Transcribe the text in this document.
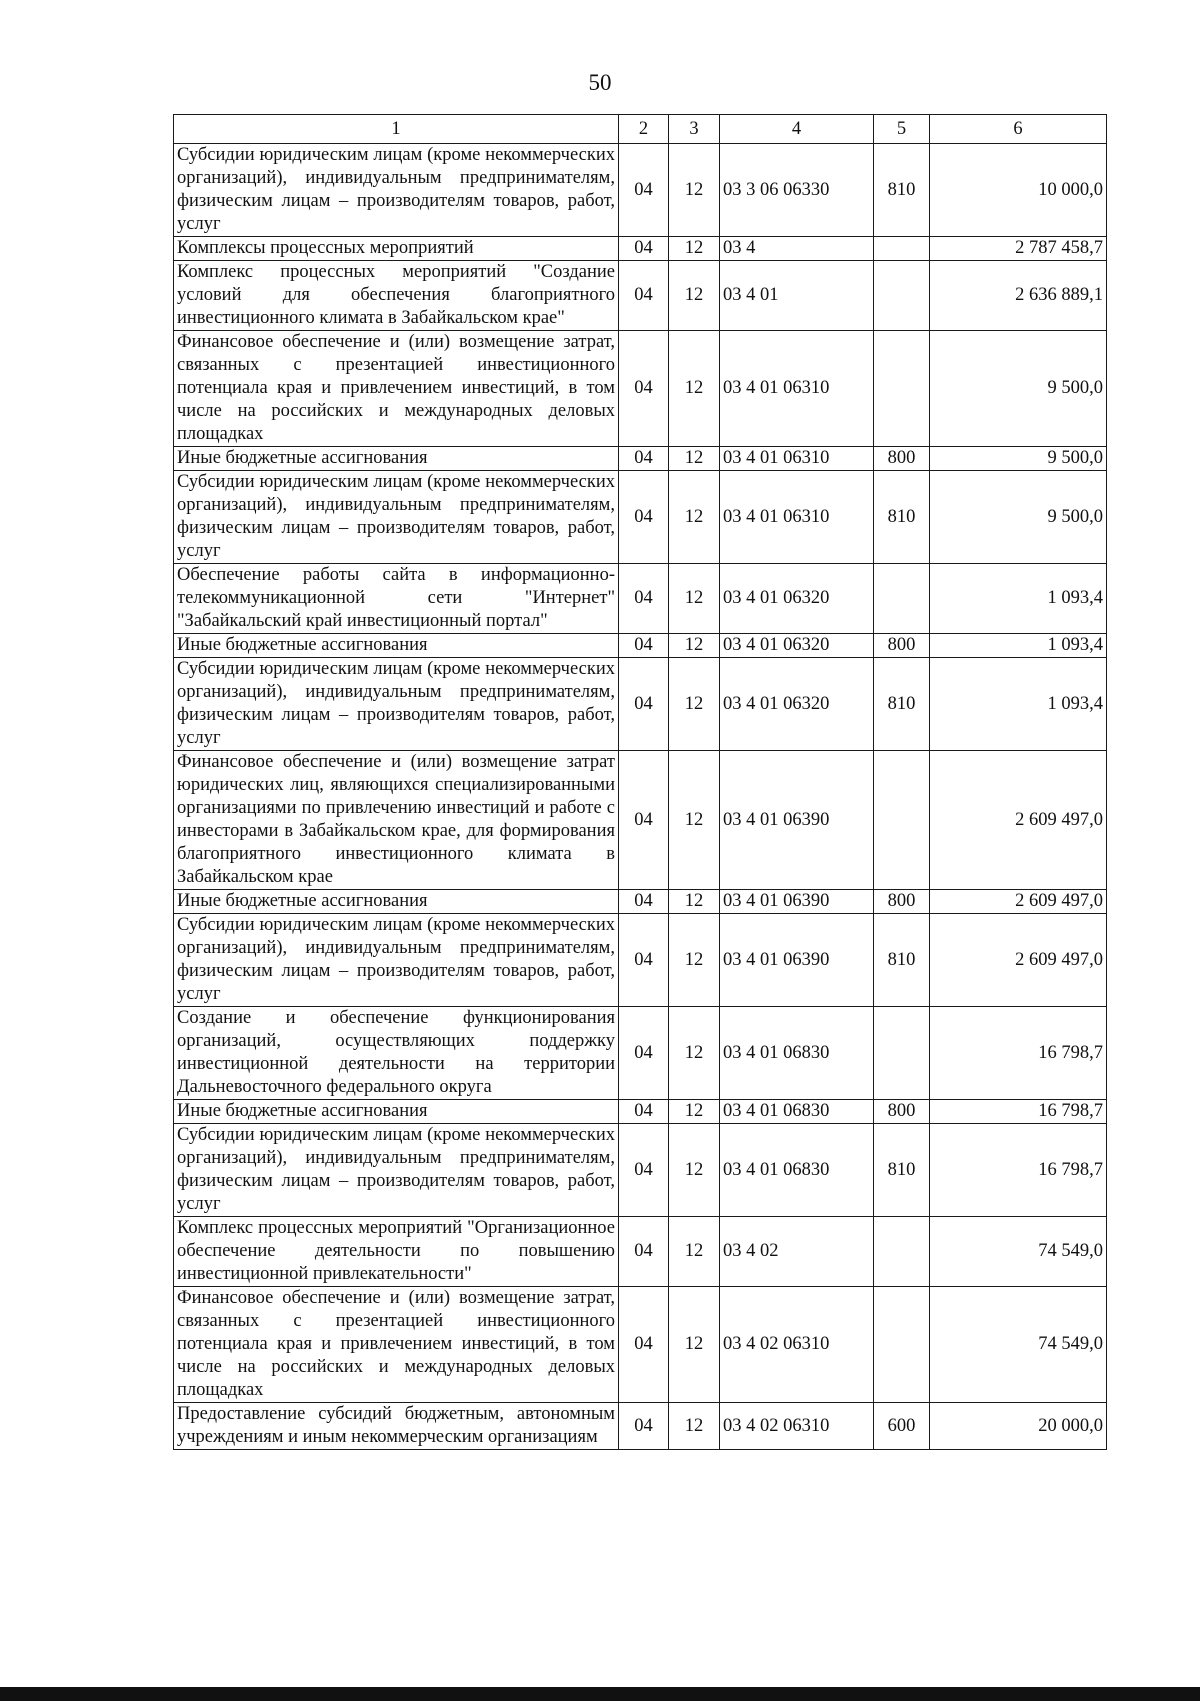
50
1	2	3	4	5	6
Субсидии юридическим лицам (кроме некоммерческих организаций), индивидуальным предпринимателям, физическим лицам – производителям товаров, работ, услуг	04	12	03 3 06 06330	810	10 000,0
Комплексы процессных мероприятий	04	12	03 4		2 787 458,7
Комплекс процессных мероприятий "Создание условий для обеспечения благоприятного инвестиционного климата в Забайкальском крае"	04	12	03 4 01		2 636 889,1
Финансовое обеспечение и (или) возмещение затрат, связанных с презентацией инвестиционного потенциала края и привлечением инвестиций, в том числе на российских и международных деловых площадках	04	12	03 4 01 06310		9 500,0
Иные бюджетные ассигнования	04	12	03 4 01 06310	800	9 500,0
Субсидии юридическим лицам (кроме некоммерческих организаций), индивидуальным предпринимателям, физическим лицам – производителям товаров, работ, услуг	04	12	03 4 01 06310	810	9 500,0
Обеспечение работы сайта в информационно-телекоммуникационной сети "Интернет" "Забайкальский край инвестиционный портал"	04	12	03 4 01 06320		1 093,4
Иные бюджетные ассигнования	04	12	03 4 01 06320	800	1 093,4
Субсидии юридическим лицам (кроме некоммерческих организаций), индивидуальным предпринимателям, физическим лицам – производителям товаров, работ, услуг	04	12	03 4 01 06320	810	1 093,4
Финансовое обеспечение и (или) возмещение затрат юридических лиц, являющихся специализированными организациями по привлечению инвестиций и работе с инвесторами в Забайкальском крае, для формирования благоприятного инвестиционного климата в Забайкальском крае	04	12	03 4 01 06390		2 609 497,0
Иные бюджетные ассигнования	04	12	03 4 01 06390	800	2 609 497,0
Субсидии юридическим лицам (кроме некоммерческих организаций), индивидуальным предпринимателям, физическим лицам – производителям товаров, работ, услуг	04	12	03 4 01 06390	810	2 609 497,0
Создание и обеспечение функционирования организаций, осуществляющих поддержку инвестиционной деятельности на территории Дальневосточного федерального округа	04	12	03 4 01 06830		16 798,7
Иные бюджетные ассигнования	04	12	03 4 01 06830	800	16 798,7
Субсидии юридическим лицам (кроме некоммерческих организаций), индивидуальным предпринимателям, физическим лицам – производителям товаров, работ, услуг	04	12	03 4 01 06830	810	16 798,7
Комплекс процессных мероприятий "Организационное обеспечение деятельности по повышению инвестиционной привлекательности"	04	12	03 4 02		74 549,0
Финансовое обеспечение и (или) возмещение затрат, связанных с презентацией инвестиционного потенциала края и привлечением инвестиций, в том числе на российских и международных деловых площадках	04	12	03 4 02 06310		74 549,0
Предоставление субсидий бюджетным, автономным учреждениям и иным некоммерческим организациям	04	12	03 4 02 06310	600	20 000,0
